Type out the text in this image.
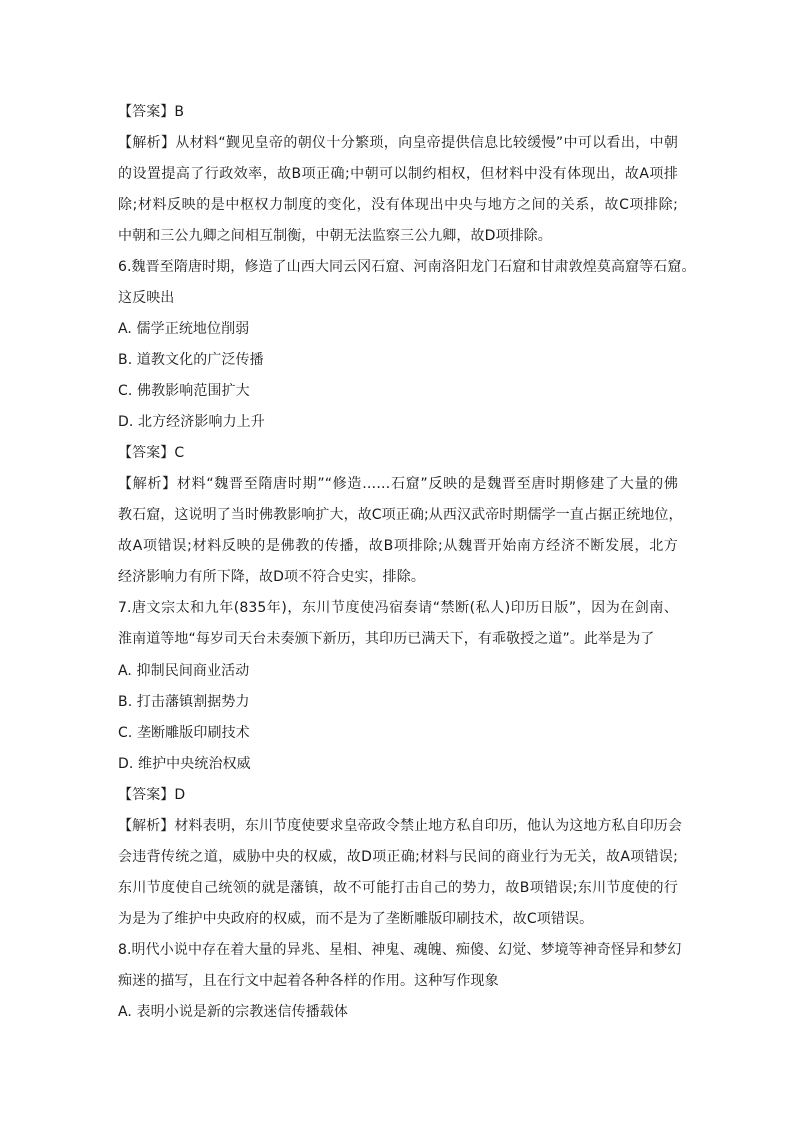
【答案】B
【解析】从材料“觐见皇帝的朝仪十分繁琐，向皇帝提供信息比较缓慢”中可以看出，中朝
的设置提高了行政效率，故B项正确;中朝可以制约相权，但材料中没有体现出，故A项排
除;材料反映的是中枢权力制度的变化，没有体现出中央与地方之间的关系，故C项排除;
中朝和三公九卿之间相互制衡，中朝无法监察三公九卿，故D项排除。
6.魏晋至隋唐时期，修造了山西大同云冈石窟、河南洛阳龙门石窟和甘肃敦煌莫高窟等石窟。
这反映出
A. 儒学正统地位削弱
B. 道教文化的广泛传播
C. 佛教影响范围扩大
D. 北方经济影响力上升
【答案】C
【解析】材料“魏晋至隋唐时期”“修造……石窟”反映的是魏晋至唐时期修建了大量的佛
教石窟，这说明了当时佛教影响扩大，故C项正确;从西汉武帝时期儒学一直占据正统地位，
故A项错误;材料反映的是佛教的传播，故B项排除;从魏晋开始南方经济不断发展，北方
经济影响力有所下降，故D项不符合史实，排除。
7.唐文宗太和九年(835年)，东川节度使冯宿奏请“禁断(私人)印历日版”，因为在剑南、
淮南道等地“每岁司天台未奏颁下新历，其印历已满天下，有乖敬授之道”。此举是为了
A. 抑制民间商业活动
B. 打击藩镇割据势力
C. 垄断雕版印刷技术
D. 维护中央统治权威
【答案】D
【解析】材料表明，东川节度使要求皇帝政令禁止地方私自印历，他认为这地方私自印历会
会违背传统之道，威胁中央的权威，故D项正确;材料与民间的商业行为无关，故A项错误;
东川节度使自己统领的就是藩镇，故不可能打击自己的势力，故B项错误;东川节度使的行
为是为了维护中央政府的权威，而不是为了垄断雕版印刷技术，故C项错误。
8.明代小说中存在着大量的异兆、星相、神鬼、魂魄、痴傻、幻觉、梦境等神奇怪异和梦幻
痴迷的描写，且在行文中起着各种各样的作用。这种写作现象
A. 表明小说是新的宗教迷信传播载体
